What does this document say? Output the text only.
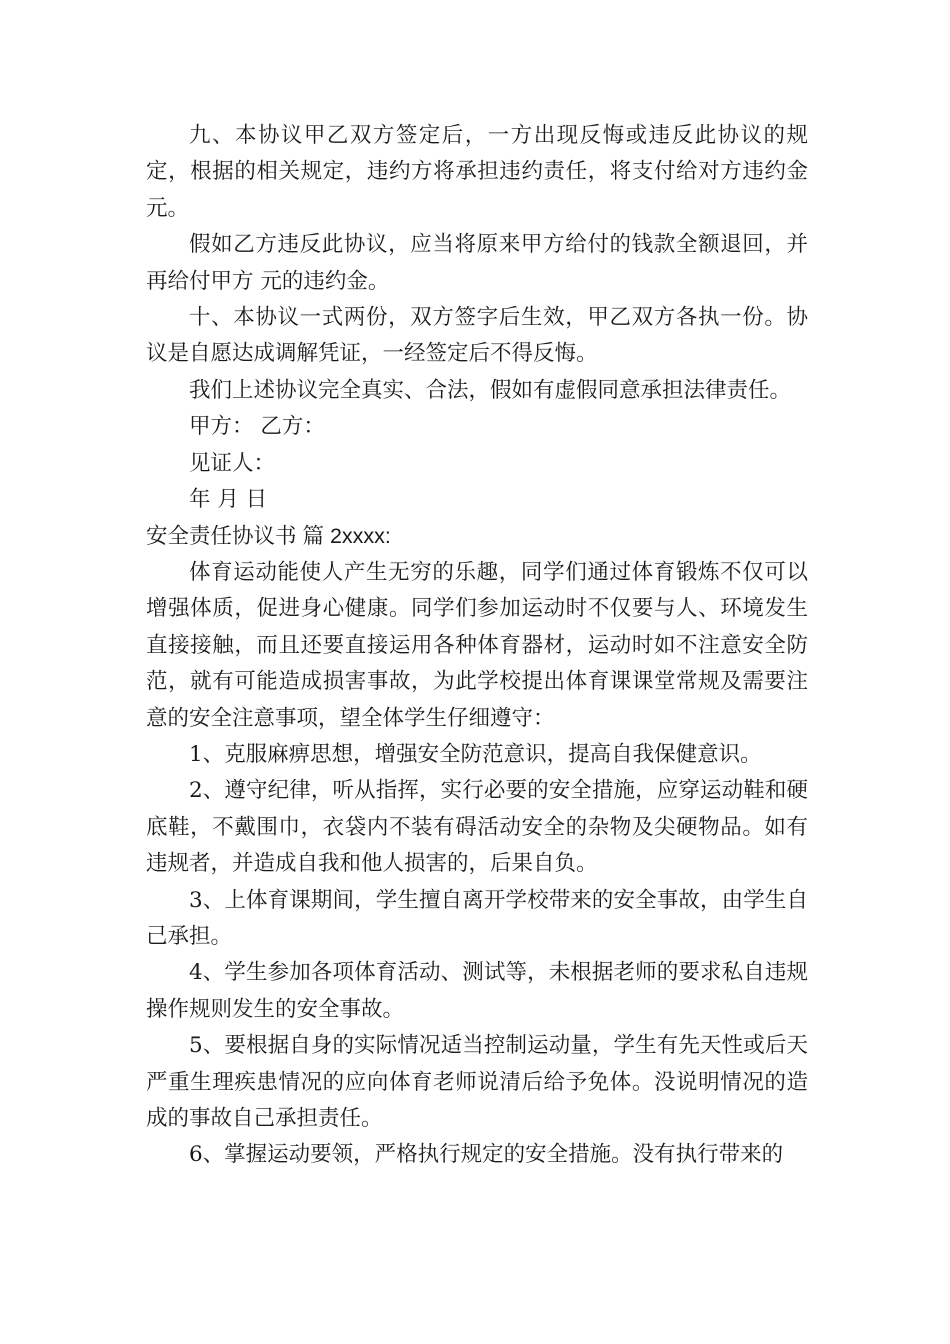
九、本协议甲乙双方签定后，一方出现反悔或违反此协议的规定，根据的相关规定，违约方将承担违约责任，将支付给对方违约金 元。

假如乙方违反此协议，应当将原来甲方给付的钱款全额退回，并再给付甲方 元的违约金。

十、本协议一式两份，双方签字后生效，甲乙双方各执一份。协议是自愿达成调解凭证，一经签定后不得反悔。

我们上述协议完全真实、合法，假如有虚假同意承担法律责任。

甲方： 乙方：

见证人：

年 月 日

安全责任协议书 篇 2xxxx:

体育运动能使人产生无穷的乐趣，同学们通过体育锻炼不仅可以增强体质，促进身心健康。同学们参加运动时不仅要与人、环境发生直接接触，而且还要直接运用各种体育器材，运动时如不注意安全防范，就有可能造成损害事故，为此学校提出体育课课堂常规及需要注意的安全注意事项，望全体学生仔细遵守：

1、克服麻痹思想，增强安全防范意识，提高自我保健意识。

2、遵守纪律，听从指挥，实行必要的安全措施，应穿运动鞋和硬底鞋，不戴围巾，衣袋内不装有碍活动安全的杂物及尖硬物品。如有违规者，并造成自我和他人损害的，后果自负。

3、上体育课期间，学生擅自离开学校带来的安全事故，由学生自己承担。

4、学生参加各项体育活动、测试等，未根据老师的要求私自违规操作规则发生的安全事故。

5、要根据自身的实际情况适当控制运动量，学生有先天性或后天严重生理疾患情况的应向体育老师说清后给予免体。没说明情况的造成的事故自己承担责任。

6、掌握运动要领，严格执行规定的安全措施。没有执行带来的
